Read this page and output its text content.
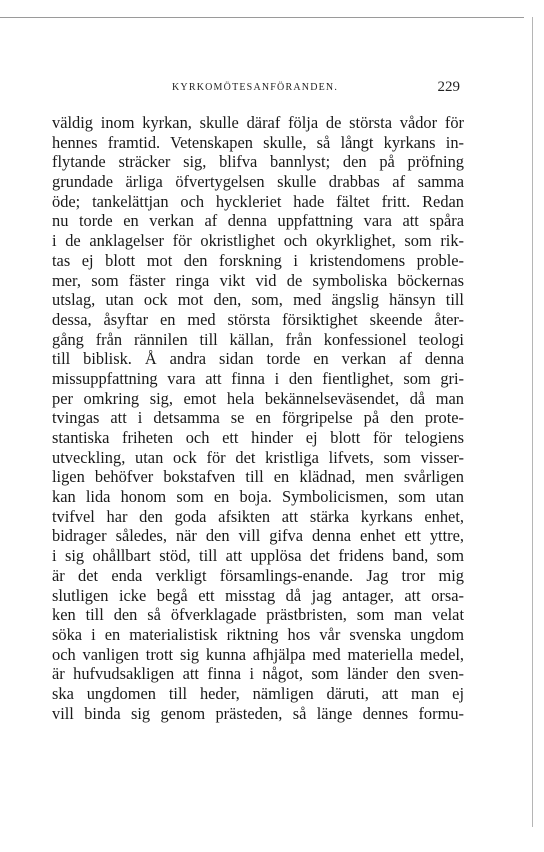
KYRKOMÖTESANFÖRANDEN.	229
väldig inom kyrkan, skulle däraf följa de största vådor för
hennes framtid. Vetenskapen skulle, så långt kyrkans in-
flytande sträcker sig, blifva bannlyst; den på pröfning
grundade ärliga öfvertygelsen skulle drabbas af samma
öde; tankelättjan och hyckleriet hade fältet fritt. Redan
nu torde en verkan af denna uppfattning vara att spåra
i de anklagelser för okristlighet och okyrklighet, som rik-
tas ej blott mot den forskning i kristendomens proble-
mer, som fäster ringa vikt vid de symboliska böckernas
utslag, utan ock mot den, som, med ängslig hänsyn till
dessa, åsyftar en med största försiktighet skeende åter-
gång från rännilen till källan, från konfessionel teologi
till biblisk. Å andra sidan torde en verkan af denna
missuppfattning vara att finna i den fientlighet, som gri-
per omkring sig, emot hela bekännelseväsendet, då man
tvingas att i detsamma se en förgripelse på den prote-
stantiska friheten och ett hinder ej blott för telogiens
utveckling, utan ock för det kristliga lifvets, som visser-
ligen behöfver bokstafven till en klädnad, men svårligen
kan lida honom som en boja. Symbolicismen, som utan
tvifvel har den goda afsikten att stärka kyrkans enhet,
bidrager således, när den vill gifva denna enhet ett yttre,
i sig ohållbart stöd, till att upplösa det fridens band, som
är det enda verkligt församlings-enande. Jag tror mig
slutligen icke begå ett misstag då jag antager, att orsa-
ken till den så öfverklagade prästbristen, som man velat
söka i en materialistisk riktning hos vår svenska ungdom
och vanligen trott sig kunna afhjälpa med materiella medel,
är hufvudsakligen att finna i något, som länder den sven-
ska ungdomen till heder, nämligen däruti, att man ej
vill binda sig genom prästeden, så länge dennes formu-
